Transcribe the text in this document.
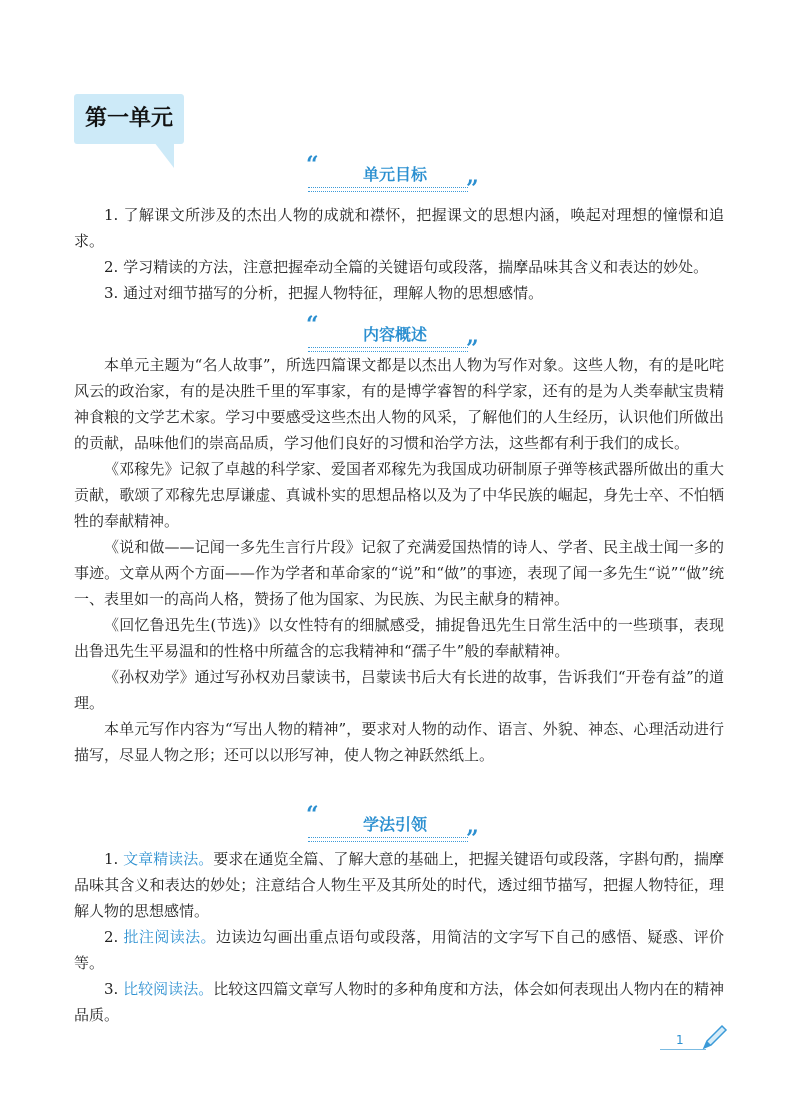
第一单元
“	单元目标
”

1. 了解课文所涉及的杰出人物的成就和襟怀，把握课文的思想内涵，唤起对理想的憧憬和追求。

2. 学习精读的方法，注意把握牵动全篇的关键语句或段落，揣摩品味其含义和表达的妙处。

3. 通过对细节描写的分析，把握人物特征，理解人物的思想感情。

“	内容概述
”

本单元主题为“名人故事”，所选四篇课文都是以杰出人物为写作对象。这些人物，有的是叱咤风云的政治家，有的是决胜千里的军事家，有的是博学睿智的科学家，还有的是为人类奉献宝贵精神食粮的文学艺术家。学习中要感受这些杰出人物的风采，了解他们的人生经历，认识他们所做出的贡献，品味他们的崇高品质，学习他们良好的习惯和治学方法，这些都有利于我们的成长。

《邓稼先》记叙了卓越的科学家、爱国者邓稼先为我国成功研制原子弹等核武器所做出的重大贡献，歌颂了邓稼先忠厚谦虚、真诚朴实的思想品格以及为了中华民族的崛起，身先士卒、不怕牺牲的奉献精神。

《说和做——记闻一多先生言行片段》记叙了充满爱国热情的诗人、学者、民主战士闻一多的事迹。文章从两个方面——作为学者和革命家的“说”和“做”的事迹，表现了闻一多先生“说”“做”统一、表里如一的高尚人格，赞扬了他为国家、为民族、为民主献身的精神。

《回忆鲁迅先生(节选)》以女性特有的细腻感受，捕捉鲁迅先生日常生活中的一些琐事，表现出鲁迅先生平易温和的性格中所蕴含的忘我精神和“孺子牛”般的奉献精神。

《孙权劝学》通过写孙权劝吕蒙读书，吕蒙读书后大有长进的故事，告诉我们“开卷有益”的道理。

本单元写作内容为“写出人物的精神”，要求对人物的动作、语言、外貌、神态、心理活动进行描写，尽显人物之形；还可以以形写神，使人物之神跃然纸上。

“	学法引领
”

1. 文章精读法。要求在通览全篇、了解大意的基础上，把握关键语句或段落，字斟句酌，揣摩品味其含义和表达的妙处；注意结合人物生平及其所处的时代，透过细节描写，把握人物特征，理解人物的思想感情。

2. 批注阅读法。边读边勾画出重点语句或段落，用简洁的文字写下自己的感悟、疑惑、评价等。

3. 比较阅读法。比较这四篇文章写人物时的多种角度和方法，体会如何表现出人物内在的精神品质。

1
